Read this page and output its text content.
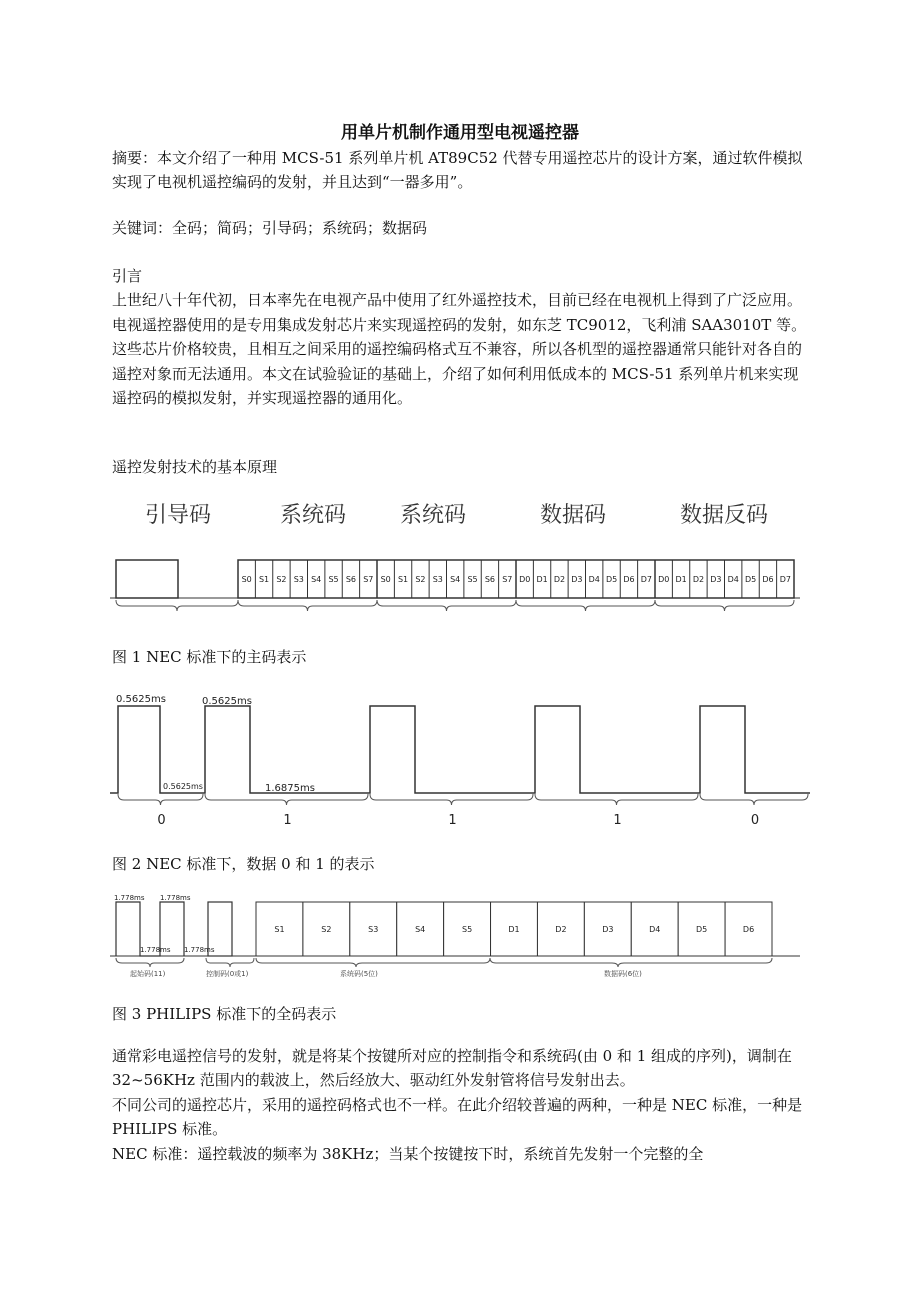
用单片机制作通用型电视遥控器

摘要：本文介绍了一种用 MCS-51 系列单片机 AT89C52 代替专用遥控芯片的设计方案，通过软件模拟实现了电视机遥控编码的发射，并且达到“一器多用”。

关键词：全码；简码；引导码；系统码；数据码

引言

上世纪八十年代初，日本率先在电视产品中使用了红外遥控技术，目前已经在电视机上得到了广泛应用。电视遥控器使用的是专用集成发射芯片来实现遥控码的发射，如东芝 TC9012，飞利浦 SAA3010T 等。这些芯片价格较贵，且相互之间采用的遥控编码格式互不兼容，所以各机型的遥控器通常只能针对各自的遥控对象而无法通用。本文在试验验证的基础上，介绍了如何利用低成本的 MCS-51 系列单片机来实现遥控码的模拟发射，并实现遥控器的通用化。

遥控发射技术的基本原理

引导码	系统码 系统码	数据码	数据反码
S0 S1 S2 S3 S4 S5 S6 S7 S0 S1 S2 S3 S4 S5 S6 S7 D0 D1 D2 D3 D4 D5 D6 D7 D0 D1 D2 D3 D4 D5 D6 D7
图 1 NEC 标准下的主码表示
0.5625ms	0.5625ms
0.5625ms	1.6875ms
0	1	1	1	0
图 2 NEC 标准下，数据 0 和 1 的表示
1.778ms 1.778ms
1.778ms 1.778ms
S1	S2	S3	S4	S5	D1	D2	D3	D4	D5	D6
起始码(11)	控制码(0或1)	系统码(5位)	数据码(6位)
图 3 PHILIPS 标准下的全码表示

通常彩电遥控信号的发射，就是将某个按键所对应的控制指令和系统码(由 0 和 1 组成的序列)，调制在 32~56KHz 范围内的载波上，然后经放大、驱动红外发射管将信号发射出去。

不同公司的遥控芯片，采用的遥控码格式也不一样。在此介绍较普遍的两种，一种是 NEC 标准，一种是 PHILIPS 标准。

NEC 标准：遥控载波的频率为 38KHz；当某个按键按下时，系统首先发射一个完整的全
